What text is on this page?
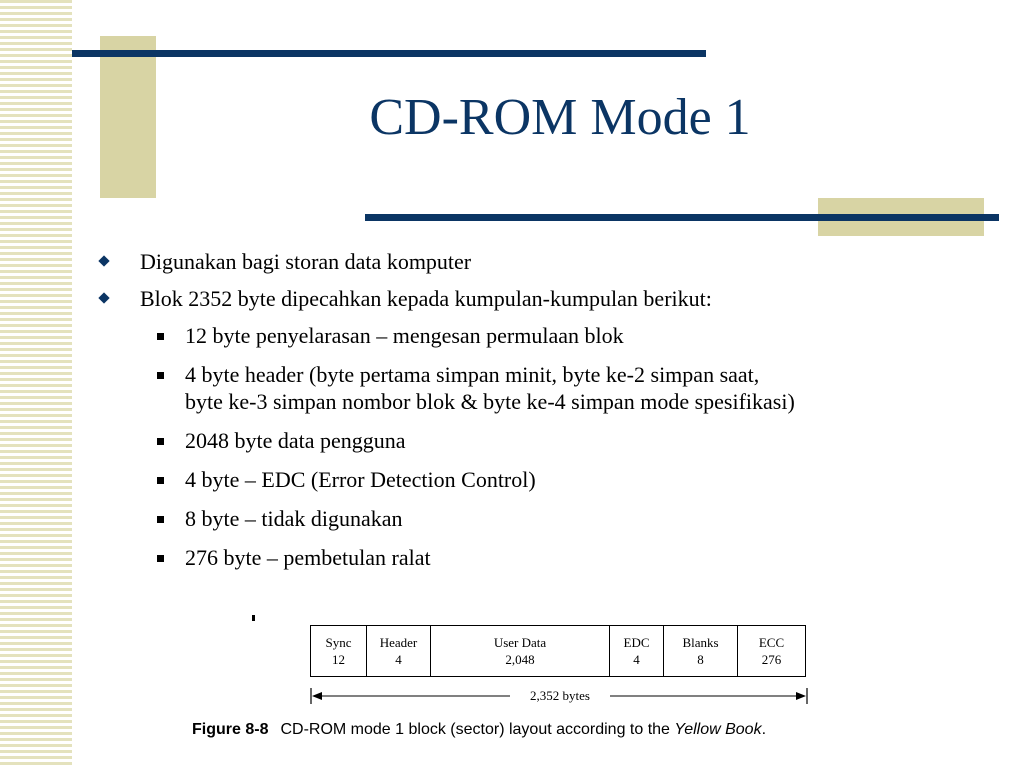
CD-ROM Mode 1
Digunakan bagi storan data komputer
Blok 2352 byte dipecahkan kepada kumpulan-kumpulan berikut:
12 byte penyelarasan – mengesan permulaan blok
4 byte header (byte pertama simpan minit, byte ke-2 simpan saat,
byte ke-3 simpan nombor blok & byte ke-4 simpan mode spesifikasi)
2048 byte data pengguna
4 byte – EDC (Error Detection Control)
8 byte – tidak digunakan
276 byte – pembetulan ralat
Sync
12
Header
4
User Data
2,048
EDC
4
Blanks
8
ECC
276
2,352 bytes
Figure 8-8 CD-ROM mode 1 block (sector) layout according to the Yellow Book.
